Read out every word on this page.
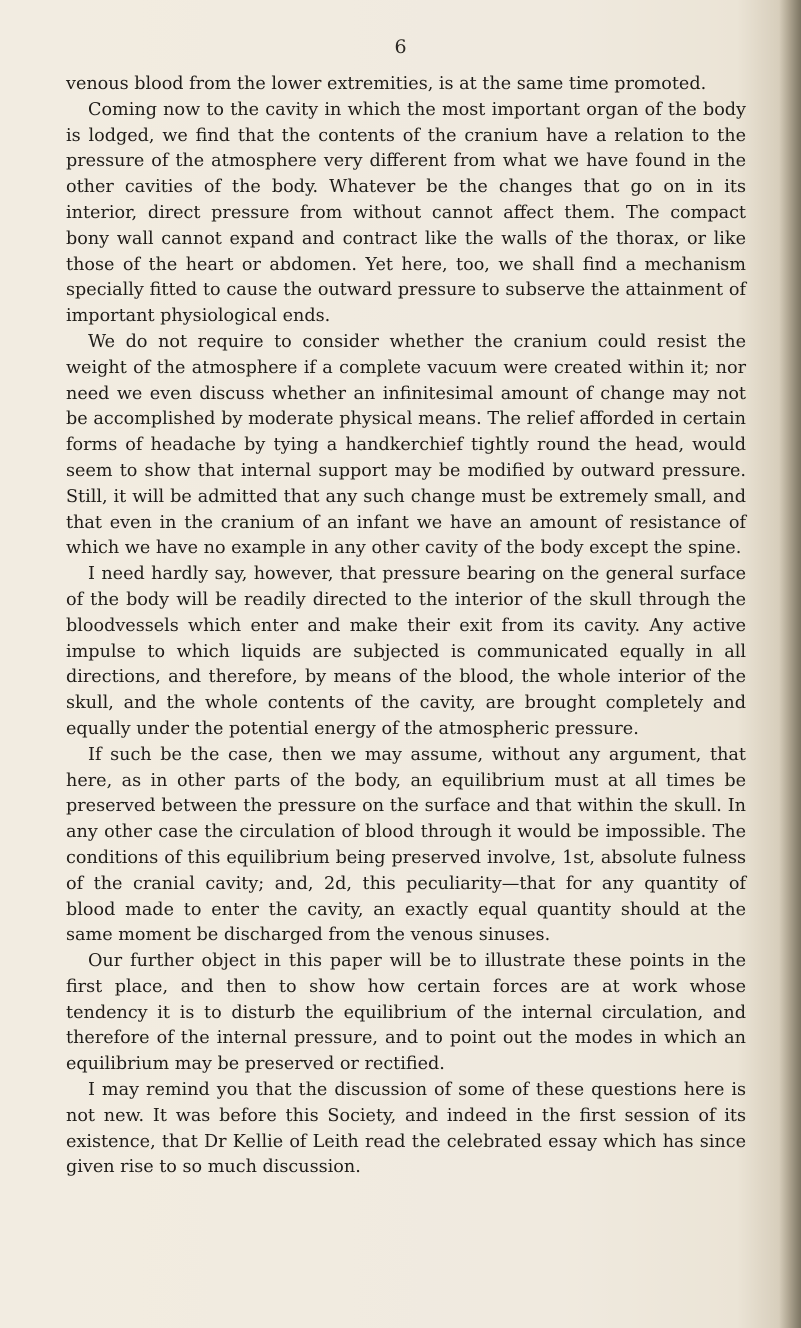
6

venous blood from the lower extremities, is at the same time promoted.

Coming now to the cavity in which the most important organ of the body is lodged, we find that the contents of the cranium have a relation to the pressure of the atmosphere very different from what we have found in the other cavities of the body. Whatever be the changes that go on in its interior, direct pressure from without cannot affect them. The compact bony wall cannot expand and contract like the walls of the thorax, or like those of the heart or abdomen. Yet here, too, we shall find a mechanism specially fitted to cause the outward pressure to subserve the attainment of important physiological ends.

We do not require to consider whether the cranium could resist the weight of the atmosphere if a complete vacuum were created within it; nor need we even discuss whether an infinitesimal amount of change may not be accomplished by moderate physical means. The relief afforded in certain forms of headache by tying a handkerchief tightly round the head, would seem to show that internal support may be modified by outward pressure. Still, it will be admitted that any such change must be extremely small, and that even in the cranium of an infant we have an amount of resistance of which we have no example in any other cavity of the body except the spine.

I need hardly say, however, that pressure bearing on the general surface of the body will be readily directed to the interior of the skull through the bloodvessels which enter and make their exit from its cavity. Any active impulse to which liquids are subjected is communicated equally in all directions, and therefore, by means of the blood, the whole interior of the skull, and the whole contents of the cavity, are brought completely and equally under the potential energy of the atmospheric pressure.

If such be the case, then we may assume, without any argument, that here, as in other parts of the body, an equilibrium must at all times be preserved between the pressure on the surface and that within the skull. In any other case the circulation of blood through it would be impossible. The conditions of this equilibrium being preserved involve, 1st, absolute fulness of the cranial cavity; and, 2d, this peculiarity—that for any quantity of blood made to enter the cavity, an exactly equal quantity should at the same moment be discharged from the venous sinuses.

Our further object in this paper will be to illustrate these points in the first place, and then to show how certain forces are at work whose tendency it is to disturb the equilibrium of the internal circulation, and therefore of the internal pressure, and to point out the modes in which an equilibrium may be preserved or rectified.

I may remind you that the discussion of some of these questions here is not new. It was before this Society, and indeed in the first session of its existence, that Dr Kellie of Leith read the celebrated essay which has since given rise to so much discussion.
